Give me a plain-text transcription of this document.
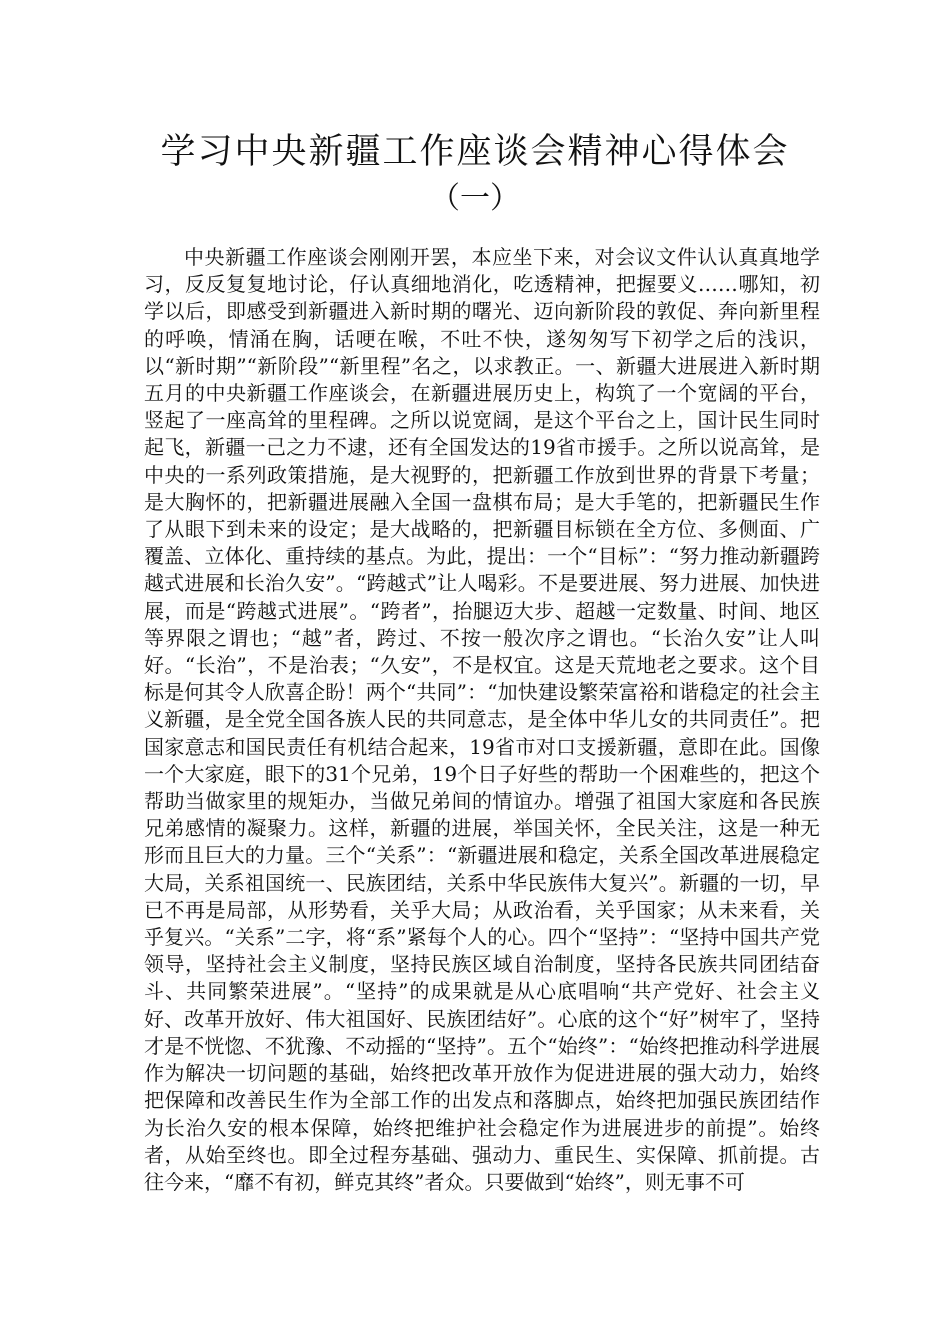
学习中央新疆工作座谈会精神心得体会
（一）

中央新疆工作座谈会刚刚开罢，本应坐下来，对会议文件认认真真地学习，反反复复地讨论，仔认真细地消化，吃透精神，把握要义……哪知，初学以后，即感受到新疆进入新时期的曙光、迈向新阶段的敦促、奔向新里程的呼唤，情涌在胸，话哽在喉，不吐不快，遂匆匆写下初学之后的浅识，以“新时期”“新阶段”“新里程”名之，以求教正。一、新疆大进展进入新时期五月的中央新疆工作座谈会，在新疆进展历史上，构筑了一个宽阔的平台，竖起了一座高耸的里程碑。之所以说宽阔，是这个平台之上，国计民生同时起飞，新疆一己之力不逮，还有全国发达的19省市援手。之所以说高耸，是中央的一系列政策措施，是大视野的，把新疆工作放到世界的背景下考量；是大胸怀的，把新疆进展融入全国一盘棋布局；是大手笔的，把新疆民生作了从眼下到未来的设定；是大战略的，把新疆目标锁在全方位、多侧面、广覆盖、立体化、重持续的基点。为此，提出：一个“目标”：“努力推动新疆跨越式进展和长治久安”。“跨越式”让人喝彩。不是要进展、努力进展、加快进展，而是“跨越式进展”。“跨者”，抬腿迈大步、超越一定数量、时间、地区等界限之谓也；“越”者，跨过、不按一般次序之谓也。“长治久安”让人叫好。“长治”，不是治表；“久安”，不是权宜。这是天荒地老之要求。这个目标是何其令人欣喜企盼！两个“共同”：“加快建设繁荣富裕和谐稳定的社会主义新疆，是全党全国各族人民的共同意志，是全体中华儿女的共同责任”。把国家意志和国民责任有机结合起来，19省市对口支援新疆，意即在此。国像一个大家庭，眼下的31个兄弟，19个日子好些的帮助一个困难些的，把这个帮助当做家里的规矩办，当做兄弟间的情谊办。增强了祖国大家庭和各民族兄弟感情的凝聚力。这样，新疆的进展，举国关怀，全民关注，这是一种无形而且巨大的力量。三个“关系”：“新疆进展和稳定，关系全国改革进展稳定大局，关系祖国统一、民族团结，关系中华民族伟大复兴”。新疆的一切，早已不再是局部，从形势看，关乎大局；从政治看，关乎国家；从未来看，关乎复兴。“关系”二字，将“系”紧每个人的心。四个“坚持”：“坚持中国共产党领导，坚持社会主义制度，坚持民族区域自治制度，坚持各民族共同团结奋斗、共同繁荣进展”。“坚持”的成果就是从心底唱响“共产党好、社会主义好、改革开放好、伟大祖国好、民族团结好”。心底的这个“好”树牢了，坚持才是不恍惚、不犹豫、不动摇的“坚持”。五个“始终”：“始终把推动科学进展作为解决一切问题的基础，始终把改革开放作为促进进展的强大动力，始终把保障和改善民生作为全部工作的出发点和落脚点，始终把加强民族团结作为长治久安的根本保障，始终把维护社会稳定作为进展进步的前提”。始终者，从始至终也。即全过程夯基础、强动力、重民生、实保障、抓前提。古往今来，“靡不有初，鲜克其终”者众。只要做到“始终”，则无事不可
